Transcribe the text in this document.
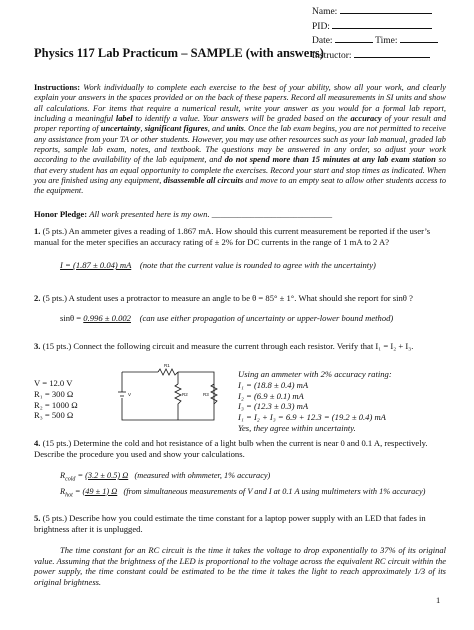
Name:
PID:
Date:	Time:
Instructor:
Physics 117 Lab Practicum – SAMPLE (with answers)
Instructions: Work individually to complete each exercise to the best of your ability, show all your work, and clearly explain your answers in the spaces provided or on the back of these papers. Record all measurements in SI units and show all calculations. For items that require a numerical result, write your answer as you would for a formal lab report, including a meaningful label to identify a value. Your answers will be graded based on the accuracy of your result and proper reporting of uncertainty, significant figures, and units. Once the lab exam begins, you are not permitted to receive any assistance from your TA or other students. However, you may use other resources such as your lab manual, graded lab reports, sample lab exam, notes, and textbook. The questions may be answered in any order, so adjust your work according to the availability of the lab equipment, and do not spend more than 15 minutes at any lab exam station so that every student has an equal opportunity to complete the exercises. Record your start and stop times as indicated. When you are finished using any equipment, disassemble all circuits and move to an empty seat to allow other students access to the equipment.
Honor Pledge: All work presented here is my own. ____________________________
1. (5 pts.) An ammeter gives a reading of 1.867 mA. How should this current measurement be reported if the user’s manual for the meter specifies an accuracy rating of ± 2% for DC currents in the range of 1 mA to 2 A?
I = (1.87 ± 0.04) mA (note that the current value is rounded to agree with the uncertainty)
2. (5 pts.) A student uses a protractor to measure an angle to be θ = 85° ± 1°. What should she report for sinθ ?
sinθ = 0.996 ± 0.002 (can use either propagation of uncertainty or upper-lower bound method)
3. (15 pts.) Connect the following circuit and measure the current through each resistor. Verify that I₁ = I₂ + I₃.
V = 12.0 V
R₁ = 300 Ω
R₂ = 1000 Ω
R₃ = 500 Ω
R1
R2	R3
V
Using an ammeter with 2% accuracy rating:
I₁ = (18.8 ± 0.4) mA
I₂ = (6.9 ± 0.1) mA
I₃ = (12.3 ± 0.3) mA
I₁ = I₂ + I₃ = 6.9 + 12.3 = (19.2 ± 0.4) mA
Yes, they agree within uncertainty.
4. (15 pts.) Determine the cold and hot resistance of a light bulb when the current is near 0 and 0.1 A, respectively. Describe the procedure you used and show your calculations.
$R_{cold} = (3.2 \pm 0.5)$ Ω (measured with ohmmeter, 1% accuracy)
$R_{hot} = (49 \pm 1)$ Ω (from simultaneous measurements of V and I at 0.1 A using multimeters with 1% accuracy)
5. (5 pts.) Describe how you could estimate the time constant for a laptop power supply with an LED that fades in brightness after it is unplugged.
The time constant for an RC circuit is the time it takes the voltage to drop exponentially to 37% of its original value. Assuming that the brightness of the LED is proportional to the voltage across the equivalent RC circuit within the power supply, the time constant could be estimated to be the time it takes the light to reach approximately 1/3 of its original brightness.
1
